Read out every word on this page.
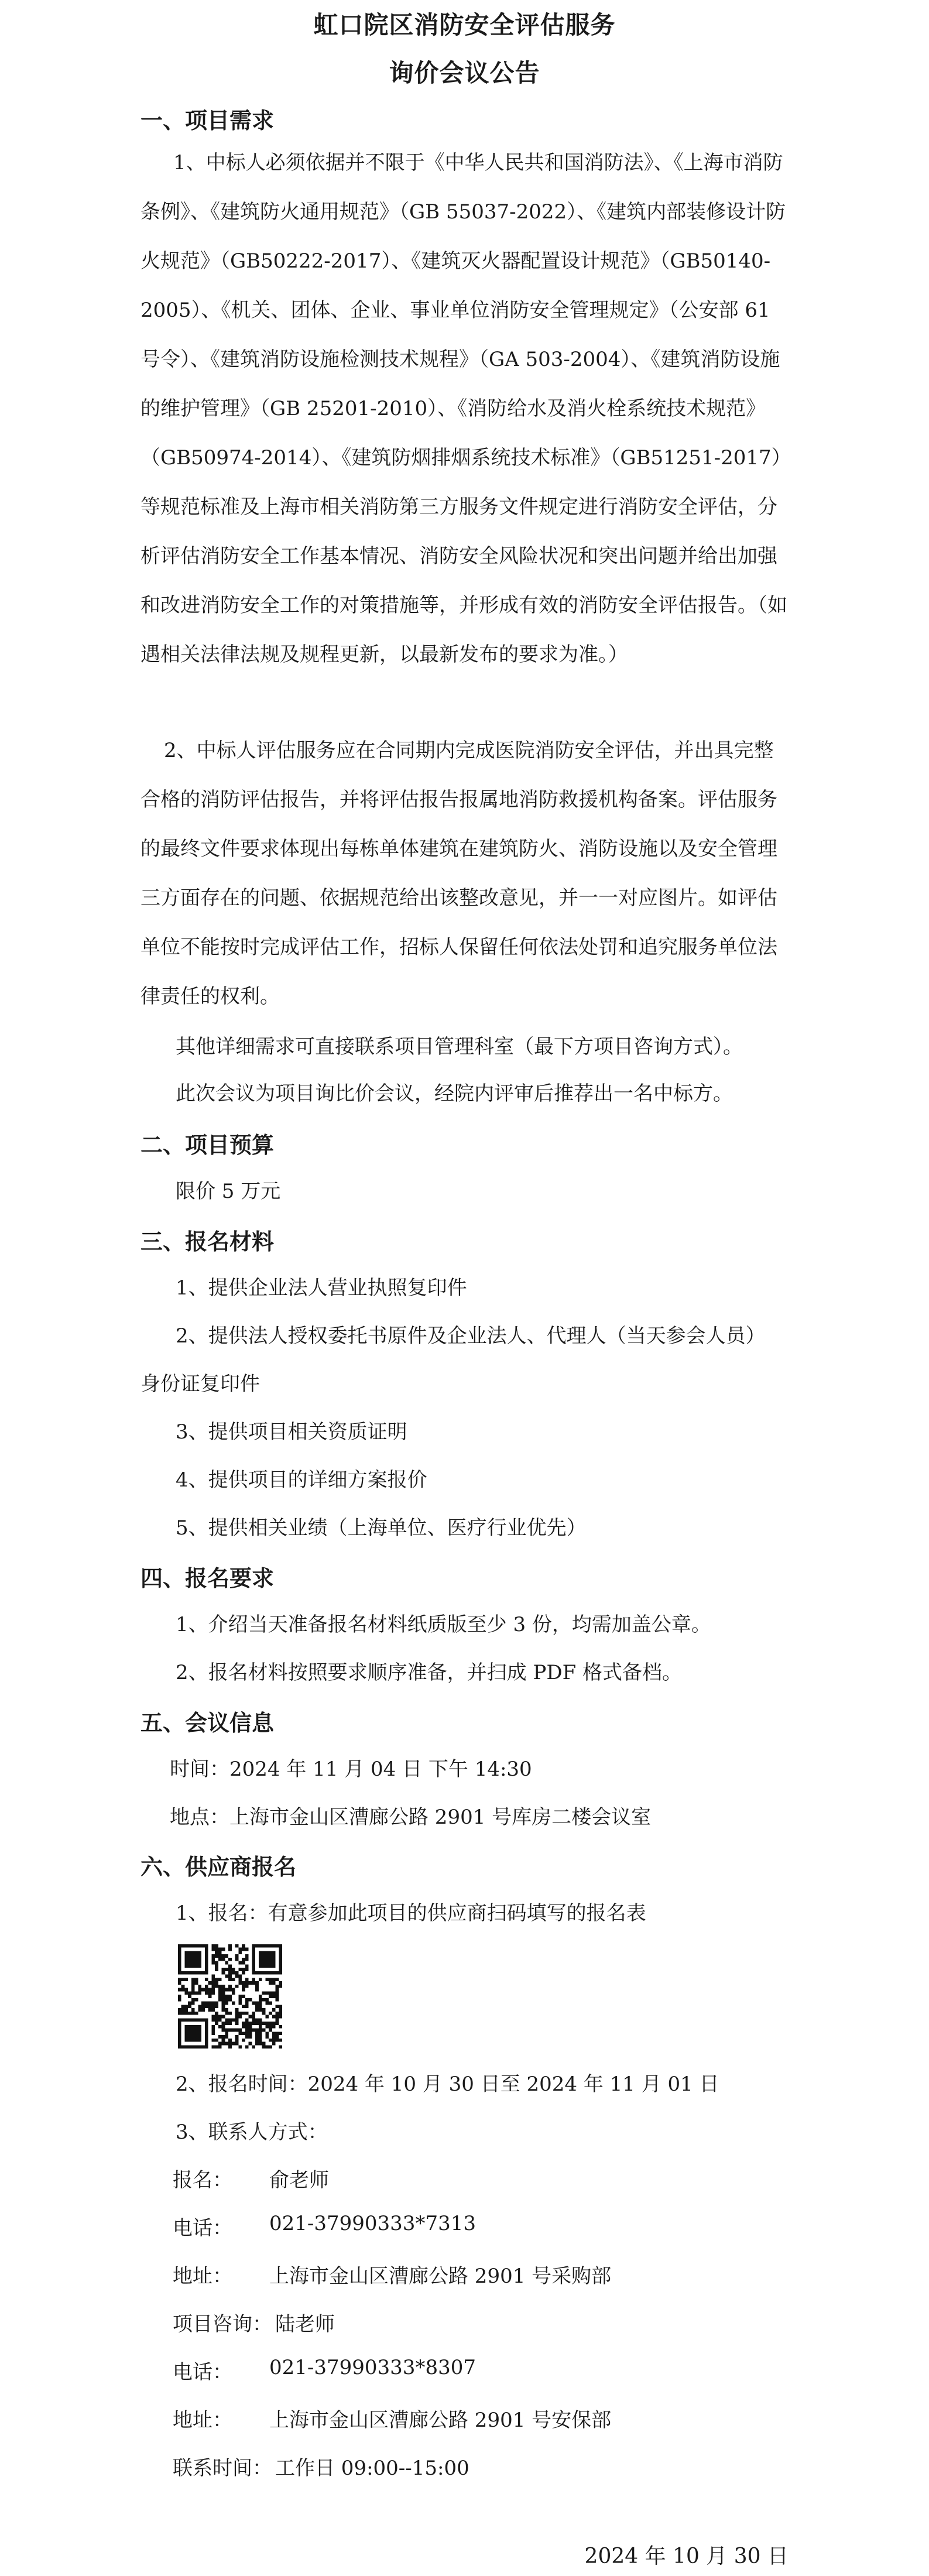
虹口院区消防安全评估服务
询价会议公告
一、项目需求

1、中标人必须依据并不限于《中华人民共和国消防法》、《上海市消防条例》、《建筑防火通用规范》（GB 55037-2022）、《建筑内部装修设计防火规范》（GB50222-2017）、《建筑灭火器配置设计规范》（GB50140-2005）、《机关、团体、企业、事业单位消防安全管理规定》（公安部 61 号令）、《建筑消防设施检测技术规程》（GA 503-2004）、《建筑消防设施的维护管理》（GB 25201-2010）、《消防给水及消火栓系统技术规范》（GB50974-2014）、《建筑防烟排烟系统技术标准》（GB51251-2017）等规范标准及上海市相关消防第三方服务文件规定进行消防安全评估，分析评估消防安全工作基本情况、消防安全风险状况和突出问题并给出加强和改进消防安全工作的对策措施等，并形成有效的消防安全评估报告。（如遇相关法律法规及规程更新，以最新发布的要求为准。）

2、中标人评估服务应在合同期内完成医院消防安全评估，并出具完整合格的消防评估报告，并将评估报告报属地消防救援机构备案。评估服务的最终文件要求体现出每栋单体建筑在建筑防火、消防设施以及安全管理三方面存在的问题、依据规范给出该整改意见，并一一对应图片。如评估单位不能按时完成评估工作，招标人保留任何依法处罚和追究服务单位法律责任的权利。

其他详细需求可直接联系项目管理科室（最下方项目咨询方式）。
此次会议为项目询比价会议，经院内评审后推荐出一名中标方。
二、项目预算
限价 5 万元
三、报名材料
1、提供企业法人营业执照复印件
2、提供法人授权委托书原件及企业法人、代理人（当天参会人员）
身份证复印件
3、提供项目相关资质证明
4、提供项目的详细方案报价
5、提供相关业绩（上海单位、医疗行业优先）
四、报名要求
1、介绍当天准备报名材料纸质版至少 3 份，均需加盖公章。
2、报名材料按照要求顺序准备，并扫成 PDF 格式备档。
五、会议信息
时间：2024 年 11 月 04 日 下午 14:30
地点：上海市金山区漕廊公路 2901 号库房二楼会议室
六、供应商报名
1、报名：有意参加此项目的供应商扫码填写的报名表
2、报名时间：2024 年 10 月 30 日至 2024 年 11 月 01 日
3、联系人方式：
报名： 俞老师
电话： 021-37990333*7313
地址： 上海市金山区漕廊公路 2901 号采购部
项目咨询： 陆老师
电话： 021-37990333*8307
地址： 上海市金山区漕廊公路 2901 号安保部
联系时间： 工作日 09:00--15:00
2024 年 10 月 30 日
